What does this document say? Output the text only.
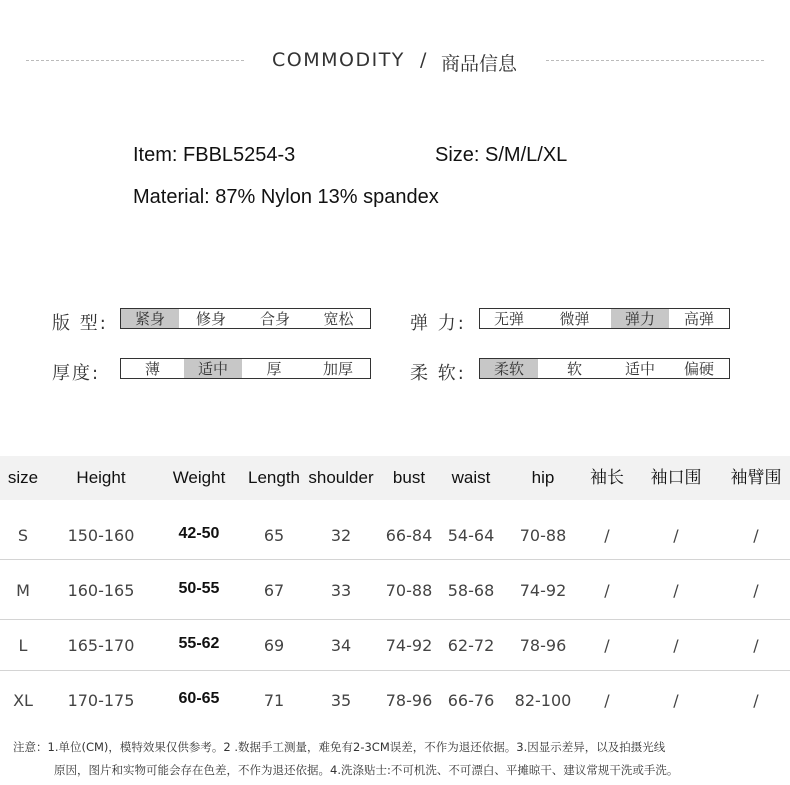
COMMODITY / 商品信息
Item: FBBL5254-3	Size: S/M/L/XL
Material: 87% Nylon 13% spandex
版 型:	紧身	修身	合身	宽松	弹 力:	无弹	微弹	弹力	高弹
厚度:	薄	适中	厚	加厚	柔 软:	柔软	软	适中	偏硬
size	Height	Weight	Length shoulder	bust	waist	hip	袖长	袖口围	袖臂围
S	150-160	42-50	65	32	66-84 54-64	70-88	/	/	/
M	160-165	50-55	67	33	70-88 58-68	74-92	/	/	/
L	165-170	55-62	69	34	74-92 62-72	78-96	/	/	/
XL	170-175	60-65	71	35	78-96 66-76	82-100	/	/	/
注意：1.单位(CM)，模特效果仅供参考。2 .数据手工测量，难免有2-3CM误差，不作为退还依据。3.因显示差异，以及拍摄光线
原因，图片和实物可能会存在色差，不作为退还依据。4.洗涤贴士:不可机洗、不可漂白、平摊晾干、建议常规干洗或手洗。
